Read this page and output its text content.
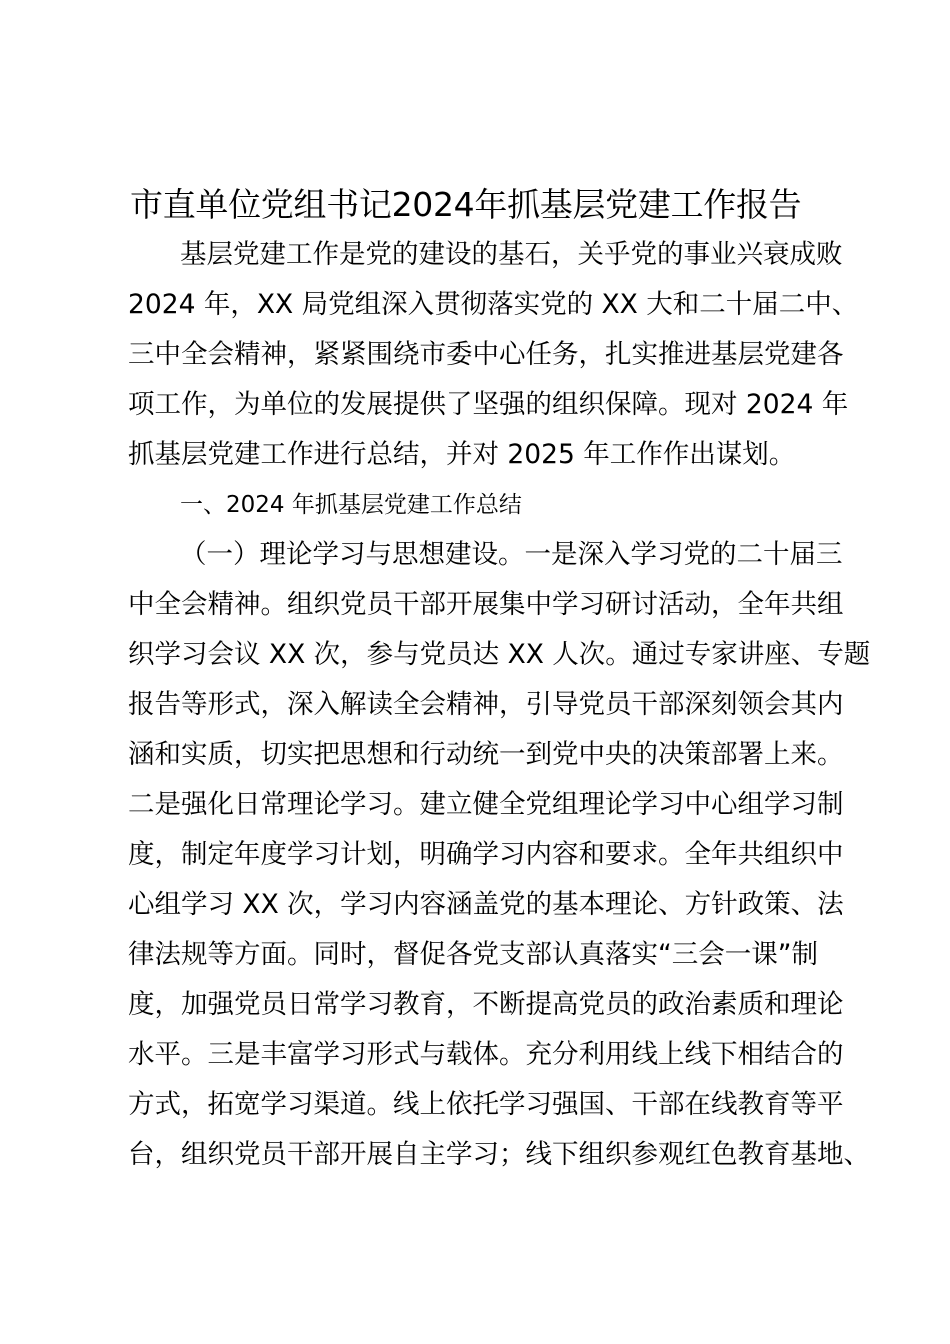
市直单位党组书记2024年抓基层党建工作报告
基层党建工作是党的建设的基石，关乎党的事业兴衰成败
2024 年，XX 局党组深入贯彻落实党的 XX 大和二十届二中、
三中全会精神，紧紧围绕市委中心任务，扎实推进基层党建各
项工作，为单位的发展提供了坚强的组织保障。现对 2024 年
抓基层党建工作进行总结，并对 2025 年工作作出谋划。
一、2024 年抓基层党建工作总结
（一）理论学习与思想建设。一是深入学习党的二十届三
中全会精神。组织党员干部开展集中学习研讨活动，全年共组
织学习会议 XX 次，参与党员达 XX 人次。通过专家讲座、专题
报告等形式，深入解读全会精神，引导党员干部深刻领会其内
涵和实质，切实把思想和行动统一到党中央的决策部署上来。
二是强化日常理论学习。建立健全党组理论学习中心组学习制
度，制定年度学习计划，明确学习内容和要求。全年共组织中
心组学习 XX 次，学习内容涵盖党的基本理论、方针政策、法
律法规等方面。同时，督促各党支部认真落实“三会一课”制
度，加强党员日常学习教育，不断提高党员的政治素质和理论
水平。三是丰富学习形式与载体。充分利用线上线下相结合的
方式，拓宽学习渠道。线上依托学习强国、干部在线教育等平
台，组织党员干部开展自主学习；线下组织参观红色教育基地、
